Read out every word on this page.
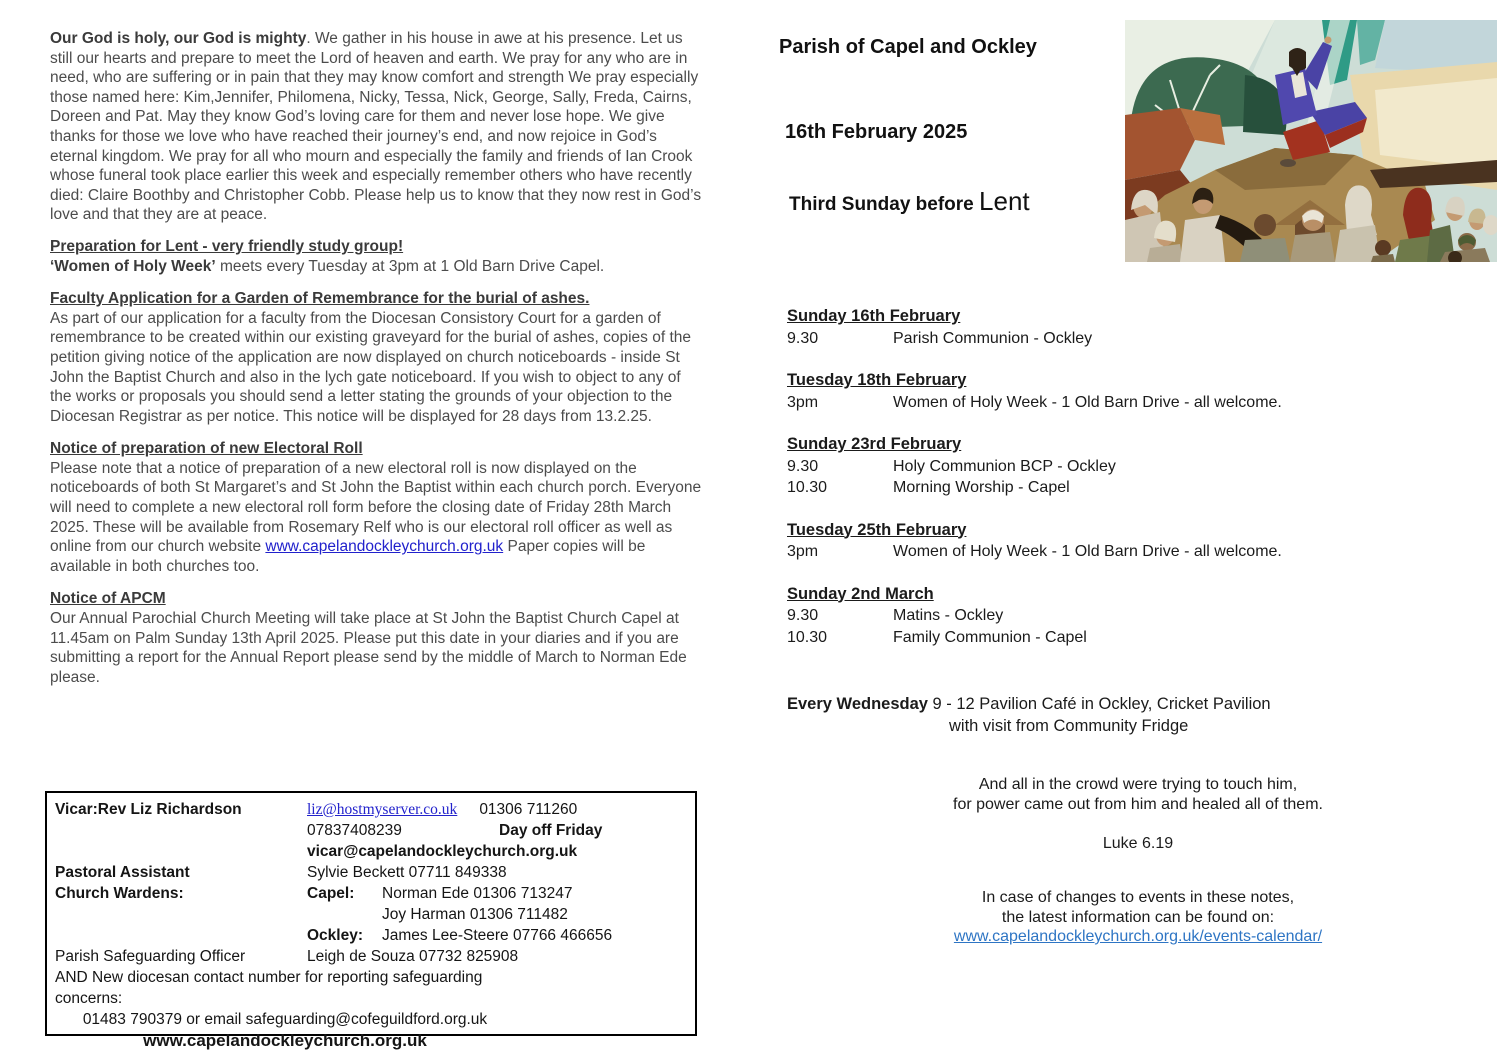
Our God is holy, our God is mighty. We gather in his house in awe at his presence. Let us still our hearts and prepare to meet the Lord of heaven and earth. We pray for any who are in need, who are suffering or in pain that they may know comfort and strength We pray especially those named here: Kim,Jennifer, Philomena, Nicky, Tessa, Nick, George, Sally, Freda, Cairns, Doreen and Pat. May they know God’s loving care for them and never lose hope. We give thanks for those we love who have reached their journey’s end, and now rejoice in God’s eternal kingdom. We pray for all who mourn and especially the family and friends of Ian Crook whose funeral took place earlier this week and especially remember others who have recently died: Claire Boothby and Christopher Cobb. Please help us to know that they now rest in God’s love and that they are at peace.

Preparation for Lent - very friendly study group!

‘Women of Holy Week’ meets every Tuesday at 3pm at 1 Old Barn Drive Capel.

Faculty Application for a Garden of Remembrance for the burial of ashes.

As part of our application for a faculty from the Diocesan Consistory Court for a garden of remembrance to be created within our existing graveyard for the burial of ashes, copies of the petition giving notice of the application are now displayed on church noticeboards - inside St John the Baptist Church and also in the lych gate noticeboard. If you wish to object to any of the works or proposals you should send a letter stating the grounds of your objection to the Diocesan Registrar as per notice. This notice will be displayed for 28 days from 13.2.25.

Notice of preparation of new Electoral Roll

Please note that a notice of preparation of a new electoral roll is now displayed on the noticeboards of both St Margaret’s and St John the Baptist within each church porch. Everyone will need to complete a new electoral roll form before the closing date of Friday 28th March 2025. These will be available from Rosemary Relf who is our electoral roll officer as well as online from our church website www.capelandockleychurch.org.uk Paper copies will be available in both churches too.

Notice of APCM

Our Annual Parochial Church Meeting will take place at St John the Baptist Church Capel at 11.45am on Palm Sunday 13th April 2025. Please put this date in your diaries and if you are submitting a report for the Annual Report please send by the middle of March to Norman Ede please.

Vicar:Rev Liz Richardson	liz@hostmyserver.co.uk 01306 711260
07837408239	Day off Friday
vicar@capelandockleychurch.org.uk
Pastoral Assistant	Sylvie Beckett 07711 849338
Church Wardens:	Capel: Norman Ede 01306 713247
Joy Harman 01306 711482
Ockley: James Lee-Steere 07766 466656
Parish Safeguarding Officer	Leigh de Souza 07732 825908
AND New diocesan contact number for reporting safeguarding concerns:
01483 790379 or email safeguarding@cofeguildford.org.uk
www.capelandockleychurch.org.uk
Parish of Capel and Ockley
16th February 2025
Third Sunday before Lent
Sunday 16th February
9.30	Parish Communion - Ockley
Tuesday 18th February
3pm	Women of Holy Week - 1 Old Barn Drive - all welcome.
Sunday 23rd February
9.30	Holy Communion BCP - Ockley
10.30	Morning Worship - Capel
Tuesday 25th February
3pm	Women of Holy Week - 1 Old Barn Drive - all welcome.
Sunday 2nd March
9.30	Matins - Ockley
10.30	Family Communion - Capel
Every Wednesday 9 - 12 Pavilion Café in Ockley, Cricket Pavilion
with visit from Community Fridge
And all in the crowd were trying to touch him,
for power came out from him and healed all of them.
Luke 6.19
In case of changes to events in these notes,
the latest information can be found on:
www.capelandockleychurch.org.uk/events-calendar/
